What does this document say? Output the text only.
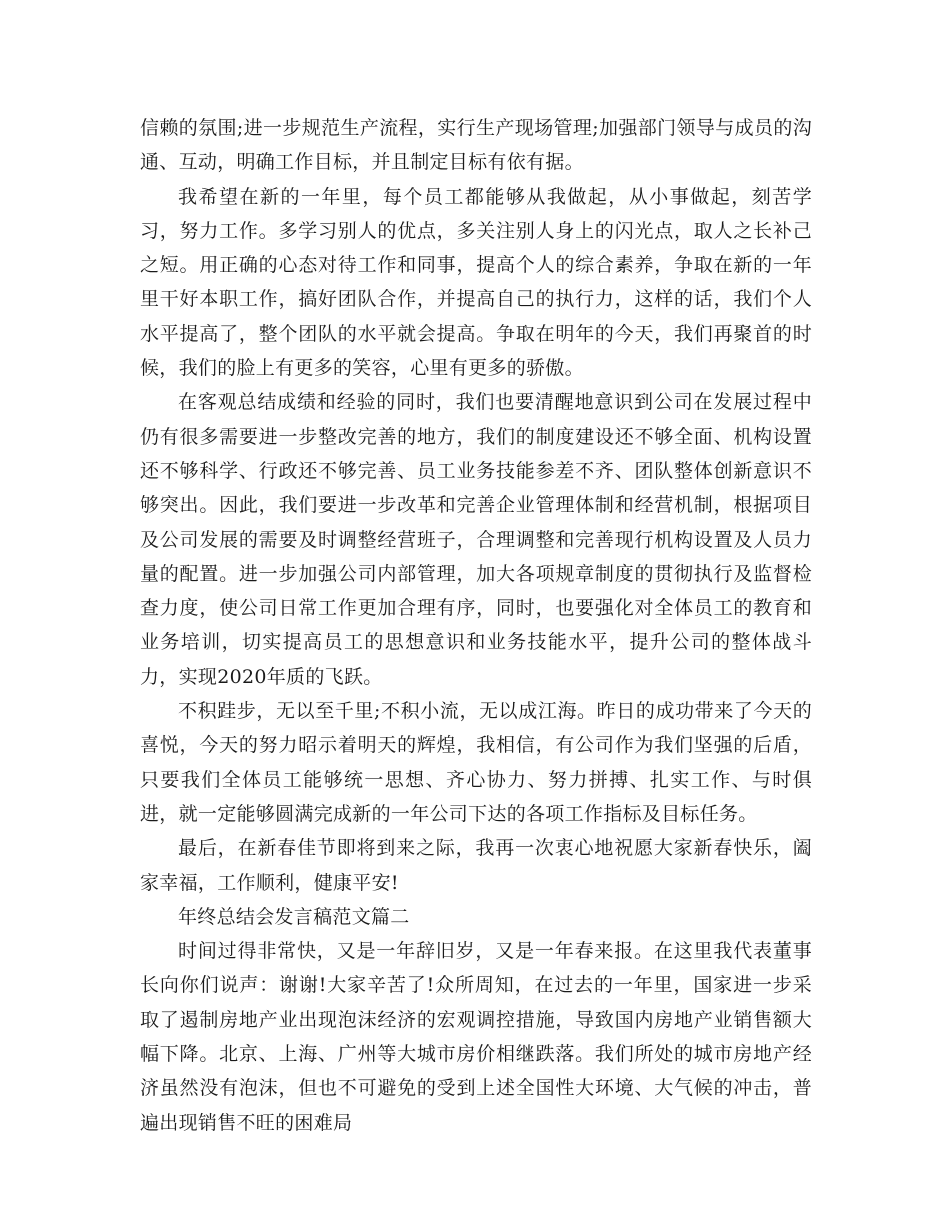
信赖的氛围;进一步规范生产流程，实行生产现场管理;加强部门领导与成员的沟通、互动，明确工作目标，并且制定目标有依有据。

我希望在新的一年里，每个员工都能够从我做起，从小事做起，刻苦学习，努力工作。多学习别人的优点，多关注别人身上的闪光点，取人之长补己之短。用正确的心态对待工作和同事，提高个人的综合素养，争取在新的一年里干好本职工作，搞好团队合作，并提高自己的执行力，这样的话，我们个人水平提高了，整个团队的水平就会提高。争取在明年的今天，我们再聚首的时候，我们的脸上有更多的笑容，心里有更多的骄傲。

在客观总结成绩和经验的同时，我们也要清醒地意识到公司在发展过程中仍有很多需要进一步整改完善的地方，我们的制度建设还不够全面、机构设置还不够科学、行政还不够完善、员工业务技能参差不齐、团队整体创新意识不够突出。因此，我们要进一步改革和完善企业管理体制和经营机制，根据项目及公司发展的需要及时调整经营班子，合理调整和完善现行机构设置及人员力量的配置。进一步加强公司内部管理，加大各项规章制度的贯彻执行及监督检查力度，使公司日常工作更加合理有序，同时，也要强化对全体员工的教育和业务培训，切实提高员工的思想意识和业务技能水平，提升公司的整体战斗力，实现2020年质的飞跃。

不积跬步，无以至千里;不积小流，无以成江海。昨日的成功带来了今天的喜悦，今天的努力昭示着明天的辉煌，我相信，有公司作为我们坚强的后盾，只要我们全体员工能够统一思想、齐心协力、努力拼搏、扎实工作、与时俱进，就一定能够圆满完成新的一年公司下达的各项工作指标及目标任务。

最后，在新春佳节即将到来之际，我再一次衷心地祝愿大家新春快乐，阖家幸福，工作顺利，健康平安!

年终总结会发言稿范文篇二

时间过得非常快，又是一年辞旧岁，又是一年春来报。在这里我代表董事长向你们说声：谢谢!大家辛苦了!众所周知，在过去的一年里，国家进一步采取了遏制房地产业出现泡沫经济的宏观调控措施，导致国内房地产业销售额大幅下降。北京、上海、广州等大城市房价相继跌落。我们所处的城市房地产经济虽然没有泡沫，但也不可避免的受到上述全国性大环境、大气候的冲击，普遍出现销售不旺的困难局
